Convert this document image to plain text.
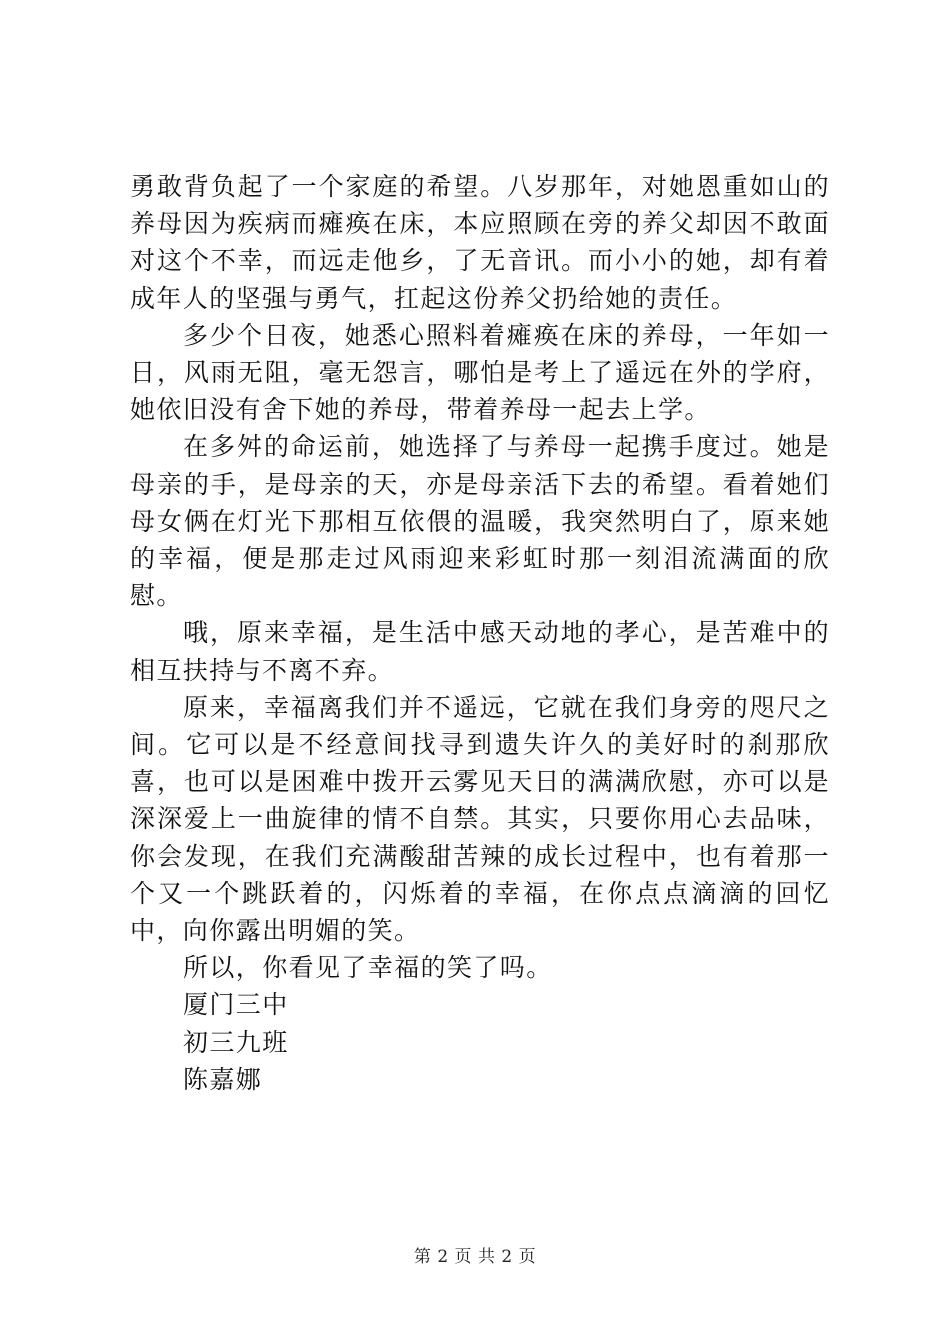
勇敢背负起了一个家庭的希望。八岁那年，对她恩重如山的养母因为疾病而瘫痪在床，本应照顾在旁的养父却因不敢面对这个不幸，而远走他乡，了无音讯。而小小的她，却有着成年人的坚强与勇气，扛起这份养父扔给她的责任。

多少个日夜，她悉心照料着瘫痪在床的养母，一年如一日，风雨无阻，毫无怨言，哪怕是考上了遥远在外的学府，她依旧没有舍下她的养母，带着养母一起去上学。

在多舛的命运前，她选择了与养母一起携手度过。她是母亲的手，是母亲的天，亦是母亲活下去的希望。看着她们母女俩在灯光下那相互依偎的温暖，我突然明白了，原来她的幸福，便是那走过风雨迎来彩虹时那一刻泪流满面的欣慰。

哦，原来幸福，是生活中感天动地的孝心，是苦难中的相互扶持与不离不弃。

原来，幸福离我们并不遥远，它就在我们身旁的咫尺之间。它可以是不经意间找寻到遗失许久的美好时的刹那欣喜，也可以是困难中拨开云雾见天日的满满欣慰，亦可以是深深爱上一曲旋律的情不自禁。其实，只要你用心去品味，你会发现，在我们充满酸甜苦辣的成长过程中，也有着那一个又一个跳跃着的，闪烁着的幸福，在你点点滴滴的回忆中，向你露出明媚的笑。

所以，你看见了幸福的笑了吗。

厦门三中

初三九班

陈嘉娜

第 2 页 共 2 页
